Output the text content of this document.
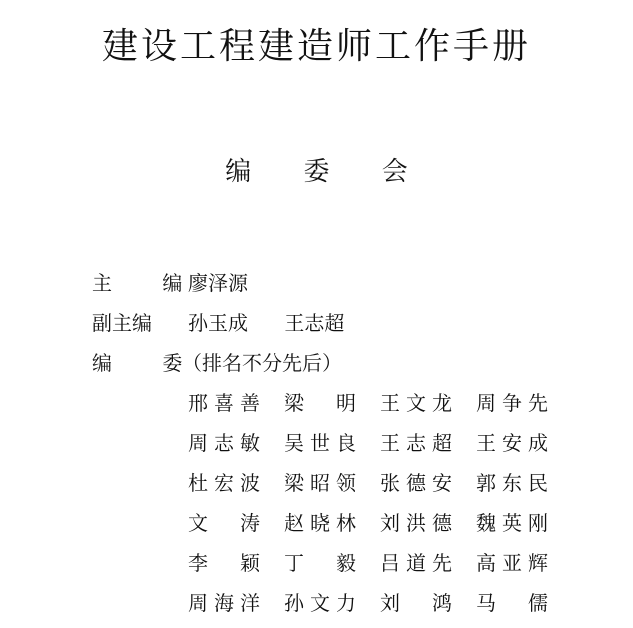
建设工程建造师工作手册
编 委 会
主 编
廖泽源
副主编	孙玉成 王志超
编 委
（排名不分先后）
邢 喜 善 梁 明 王 文 龙 周 争 先
周 志 敏 吴 世 良 王 志 超 王 安 成
杜 宏 波 梁 昭 领 张 德 安 郭 东 民
文 涛 赵 晓 林 刘 洪 德 魏 英 刚
李 颖 丁 毅 吕 道 先 高 亚 辉
周 海 洋 孙 文 力 刘 鸿 马 儒
